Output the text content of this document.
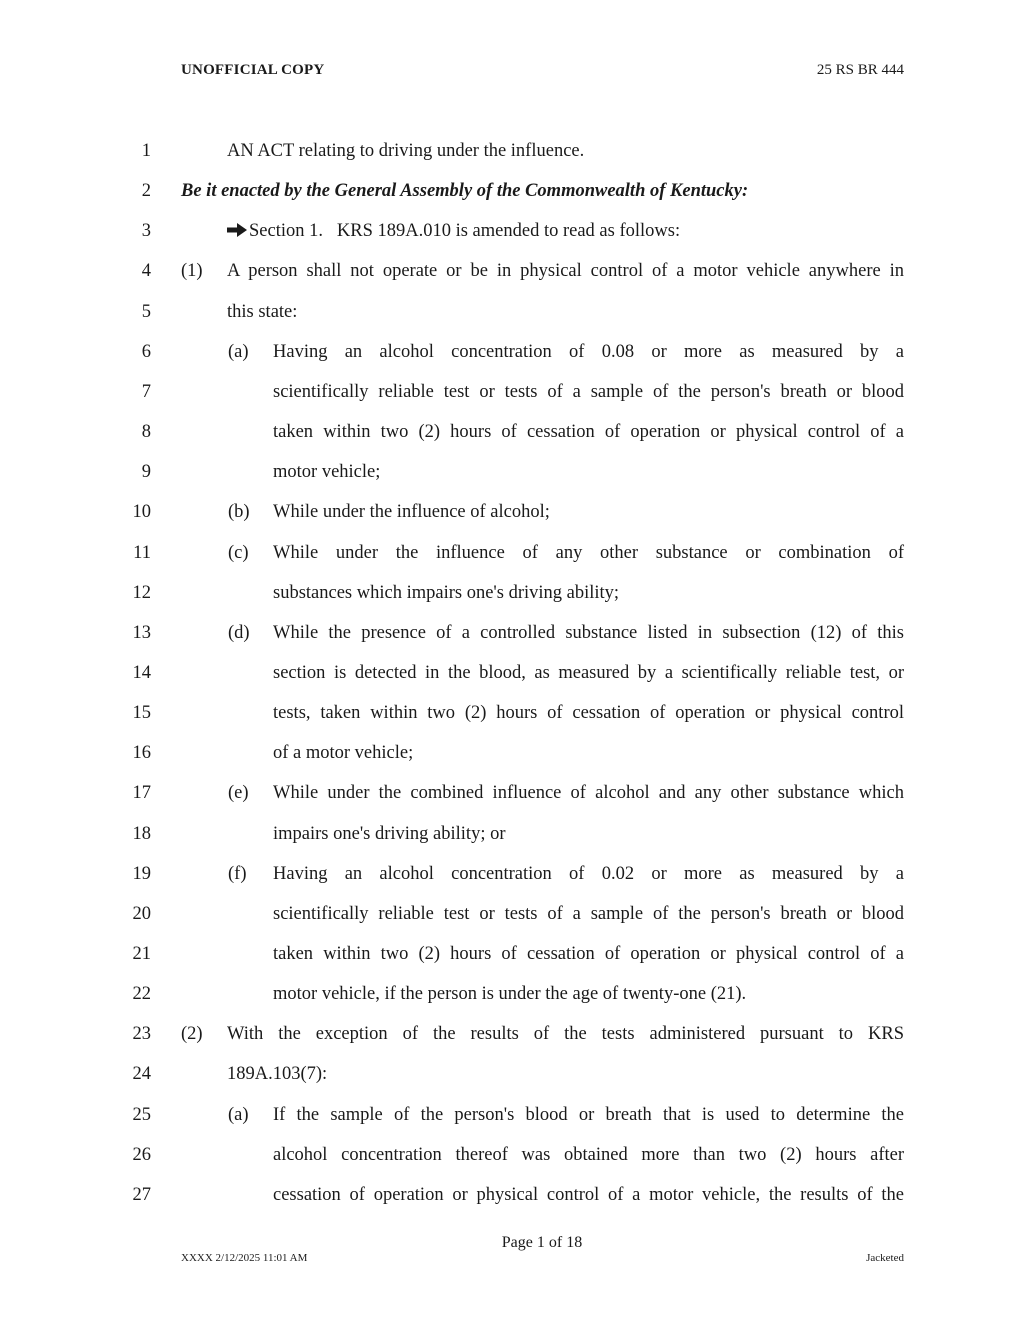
UNOFFICIAL COPY	25 RS BR 444
1	AN ACT relating to driving under the influence.
2 Be it enacted by the General Assembly of the Commonwealth of Kentucky:
3	Section 1.   KRS 189A.010 is amended to read as follows:
4 (1) A person shall not operate or be in physical control of a motor vehicle anywhere in
5	this state:
6	(a) Having an alcohol concentration of 0.08 or more as measured by a
7	scientifically reliable test or tests of a sample of the person's breath or blood
8	taken within two (2) hours of cessation of operation or physical control of a
9	motor vehicle;
10	(b) While under the influence of alcohol;
11	(c) While under the influence of any other substance or combination of
12	substances which impairs one's driving ability;
13	(d) While the presence of a controlled substance listed in subsection (12) of this
14	section is detected in the blood, as measured by a scientifically reliable test, or
15	tests, taken within two (2) hours of cessation of operation or physical control
16	of a motor vehicle;
17	(e) While under the combined influence of alcohol and any other substance which
18	impairs one's driving ability; or
19	(f) Having an alcohol concentration of 0.02 or more as measured by a
20	scientifically reliable test or tests of a sample of the person's breath or blood
21	taken within two (2) hours of cessation of operation or physical control of a
22	motor vehicle, if the person is under the age of twenty-one (21).
23 (2) With the exception of the results of the tests administered pursuant to KRS
24	189A.103(7):
25	(a) If the sample of the person's blood or breath that is used to determine the
26	alcohol concentration thereof was obtained more than two (2) hours after
27	cessation of operation or physical control of a motor vehicle, the results of the
Page 1 of 18
XXXX 2/12/2025 11:01 AM	Jacketed
